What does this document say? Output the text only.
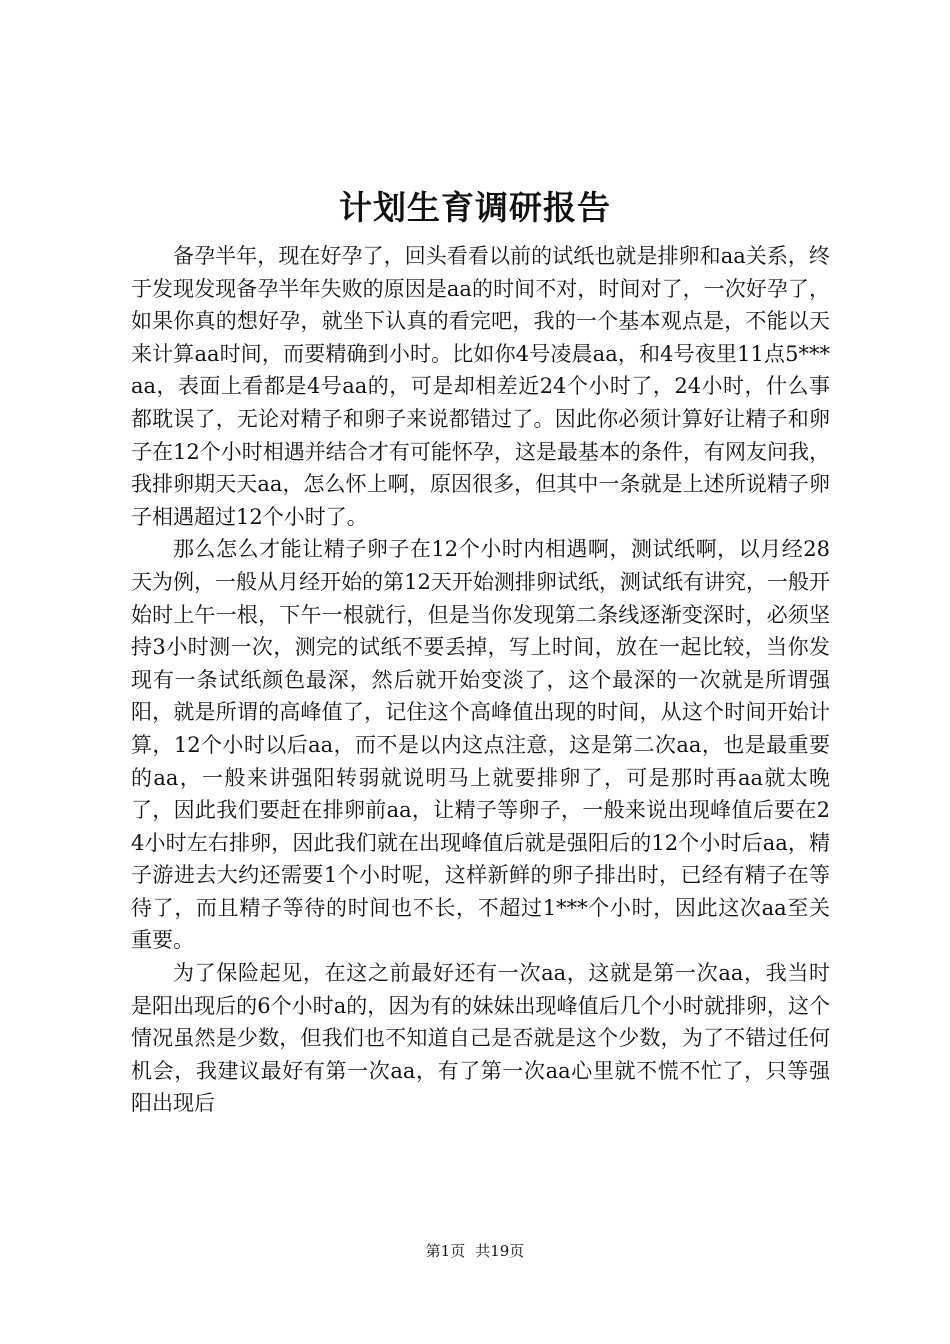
计划生育调研报告

备孕半年，现在好孕了，回头看看以前的试纸也就是排卵和aa关系，终于发现发现备孕半年失败的原因是aa的时间不对，时间对了，一次好孕了，如果你真的想好孕，就坐下认真的看完吧，我的一个基本观点是，不能以天来计算aa时间，而要精确到小时。比如你4号凌晨aa，和4号夜里11点5***aa，表面上看都是4号aa的，可是却相差近24个小时了，24小时，什么事都耽误了，无论对精子和卵子来说都错过了。因此你必须计算好让精子和卵子在12个小时相遇并结合才有可能怀孕，这是最基本的条件，有网友问我，我排卵期天天aa，怎么怀上啊，原因很多，但其中一条就是上述所说精子卵子相遇超过12个小时了。

那么怎么才能让精子卵子在12个小时内相遇啊，测试纸啊，以月经28天为例，一般从月经开始的第12天开始测排卵试纸，测试纸有讲究，一般开始时上午一根，下午一根就行，但是当你发现第二条线逐渐变深时，必须坚持3小时测一次，测完的试纸不要丢掉，写上时间，放在一起比较，当你发现有一条试纸颜色最深，然后就开始变淡了，这个最深的一次就是所谓强阳，就是所谓的高峰值了，记住这个高峰值出现的时间，从这个时间开始计算，12个小时以后aa，而不是以内这点注意，这是第二次aa，也是最重要的aa，一般来讲强阳转弱就说明马上就要排卵了，可是那时再aa就太晚了，因此我们要赶在排卵前aa，让精子等卵子，一般来说出现峰值后要在24小时左右排卵，因此我们就在出现峰值后就是强阳后的12个小时后aa，精子游进去大约还需要1个小时呢，这样新鲜的卵子排出时，已经有精子在等待了，而且精子等待的时间也不长，不超过1***个小时，因此这次aa至关重要。

为了保险起见，在这之前最好还有一次aa，这就是第一次aa，我当时是阳出现后的6个小时a的，因为有的妹妹出现峰值后几个小时就排卵，这个情况虽然是少数，但我们也不知道自己是否就是这个少数，为了不错过任何机会，我建议最好有第一次aa，有了第一次aa心里就不慌不忙了，只等强阳出现后

第1页 共19页
